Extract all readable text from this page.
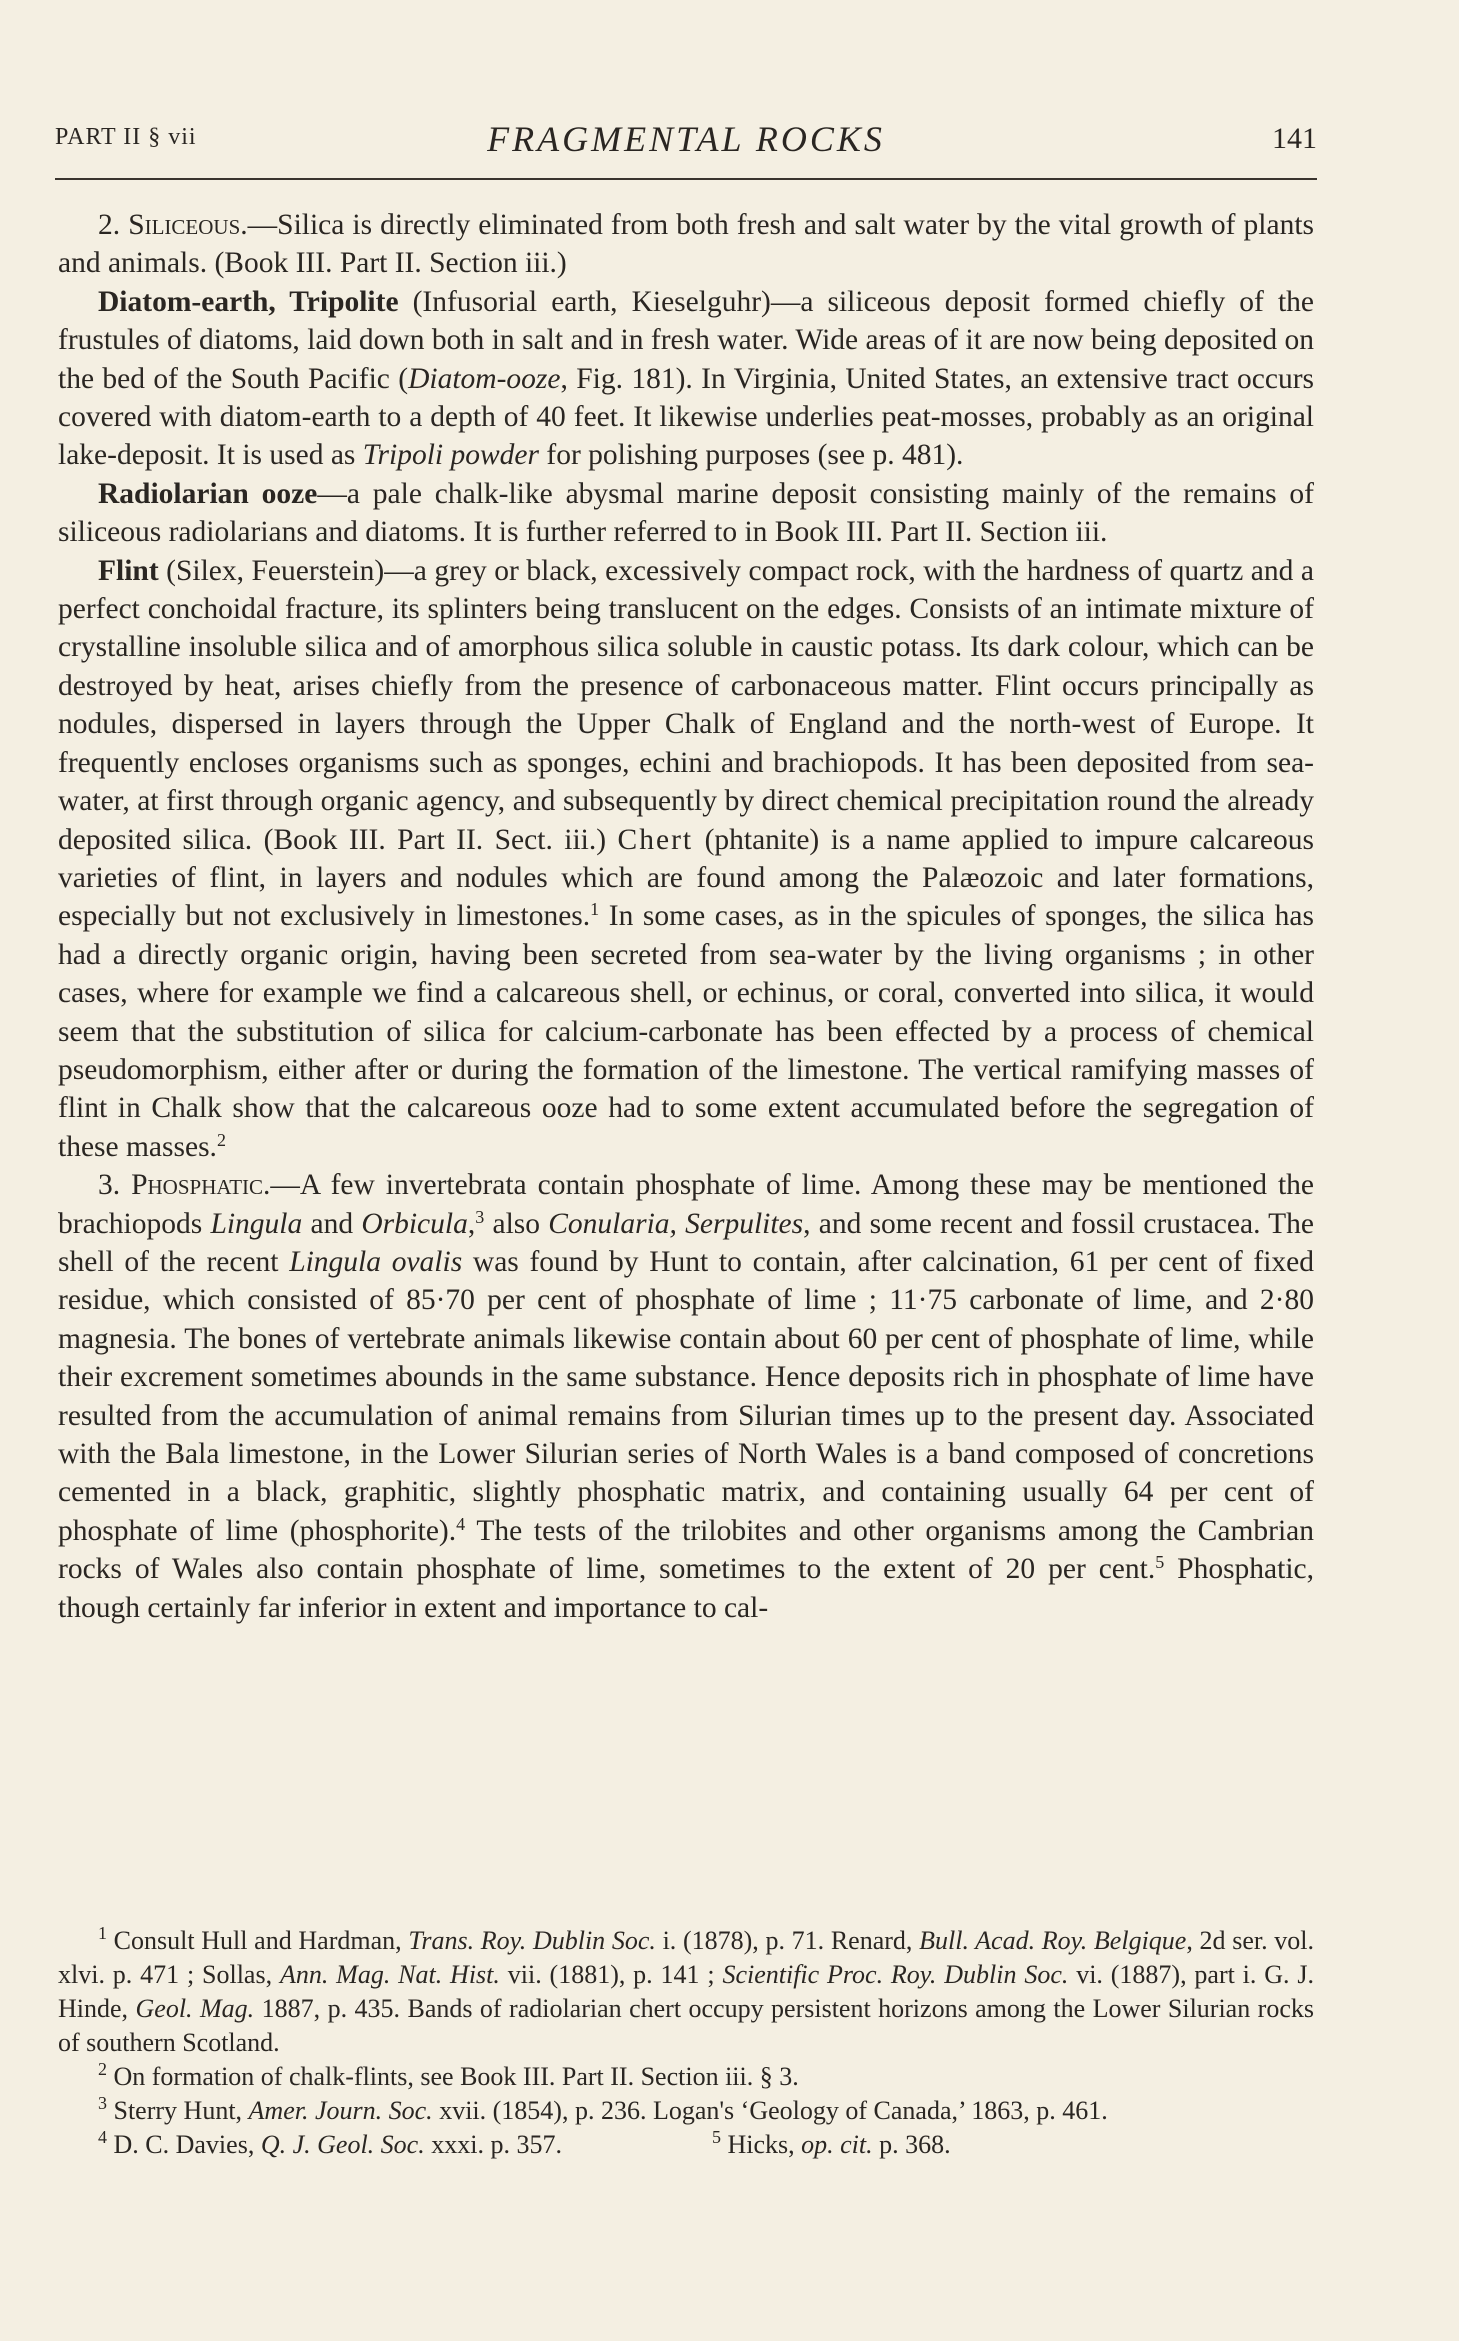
PART II § vii	FRAGMENTAL ROCKS	141

2. Siliceous.—Silica is directly eliminated from both fresh and salt water by the vital growth of plants and animals. (Book III. Part II. Section iii.)

Diatom-earth, Tripolite (Infusorial earth, Kieselguhr)—a siliceous deposit formed chiefly of the frustules of diatoms, laid down both in salt and in fresh water. Wide areas of it are now being deposited on the bed of the South Pacific (Diatom-ooze, Fig. 181). In Virginia, United States, an extensive tract occurs covered with diatom-earth to a depth of 40 feet. It likewise underlies peat-mosses, probably as an original lake-deposit. It is used as Tripoli powder for polishing purposes (see p. 481).

Radiolarian ooze—a pale chalk-like abysmal marine deposit consisting mainly of the remains of siliceous radiolarians and diatoms. It is further referred to in Book III. Part II. Section iii.

Flint (Silex, Feuerstein)—a grey or black, excessively compact rock, with the hardness of quartz and a perfect conchoidal fracture, its splinters being translucent on the edges. Consists of an intimate mixture of crystalline insoluble silica and of amorphous silica soluble in caustic potass. Its dark colour, which can be destroyed by heat, arises chiefly from the presence of carbonaceous matter. Flint occurs principally as nodules, dispersed in layers through the Upper Chalk of England and the north-west of Europe. It frequently encloses organisms such as sponges, echini and brachiopods. It has been deposited from sea-water, at first through organic agency, and subsequently by direct chemical precipitation round the already deposited silica. (Book III. Part II. Sect. iii.) Chert (phtanite) is a name applied to impure calcareous varieties of flint, in layers and nodules which are found among the Palæozoic and later formations, especially but not exclusively in limestones.$^1$ In some cases, as in the spicules of sponges, the silica has had a directly organic origin, having been secreted from sea-water by the living organisms ; in other cases, where for example we find a calcareous shell, or echinus, or coral, converted into silica, it would seem that the substitution of silica for calcium-carbonate has been effected by a process of chemical pseudomorphism, either after or during the formation of the limestone. The vertical ramifying masses of flint in Chalk show that the calcareous ooze had to some extent accumulated before the segregation of these masses.$^2$

3. Phosphatic.—A few invertebrata contain phosphate of lime. Among these may be mentioned the brachiopods Lingula and Orbicula,$^3$ also Conularia, Serpulites, and some recent and fossil crustacea. The shell of the recent Lingula ovalis was found by Hunt to contain, after calcination, 61 per cent of fixed residue, which consisted of 85·70 per cent of phosphate of lime ; 11·75 carbonate of lime, and 2·80 magnesia. The bones of vertebrate animals likewise contain about 60 per cent of phosphate of lime, while their excrement sometimes abounds in the same substance. Hence deposits rich in phosphate of lime have resulted from the accumulation of animal remains from Silurian times up to the present day. Associated with the Bala limestone, in the Lower Silurian series of North Wales is a band composed of concretions cemented in a black, graphitic, slightly phosphatic matrix, and containing usually 64 per cent of phosphate of lime (phosphorite).$^4$ The tests of the trilobites and other organisms among the Cambrian rocks of Wales also contain phosphate of lime, sometimes to the extent of 20 per cent.$^5$ Phosphatic, though certainly far inferior in extent and importance to cal-

$^1$ Consult Hull and Hardman, Trans. Roy. Dublin Soc. i. (1878), p. 71. Renard, Bull. Acad. Roy. Belgique, 2d ser. vol. xlvi. p. 471 ; Sollas, Ann. Mag. Nat. Hist. vii. (1881), p. 141 ; Scientific Proc. Roy. Dublin Soc. vi. (1887), part i. G. J. Hinde, Geol. Mag. 1887, p. 435. Bands of radiolarian chert occupy persistent horizons among the Lower Silurian rocks of southern Scotland.

$^2$ On formation of chalk-flints, see Book III. Part II. Section iii. § 3.

$^3$ Sterry Hunt, Amer. Journ. Soc. xvii. (1854), p. 236. Logan's ‘Geology of Canada,’ 1863, p. 461.

$^4$ D. C. Davies, Q. J. Geol. Soc. xxxi. p. 357.	$^5$ Hicks, op. cit. p. 368.
